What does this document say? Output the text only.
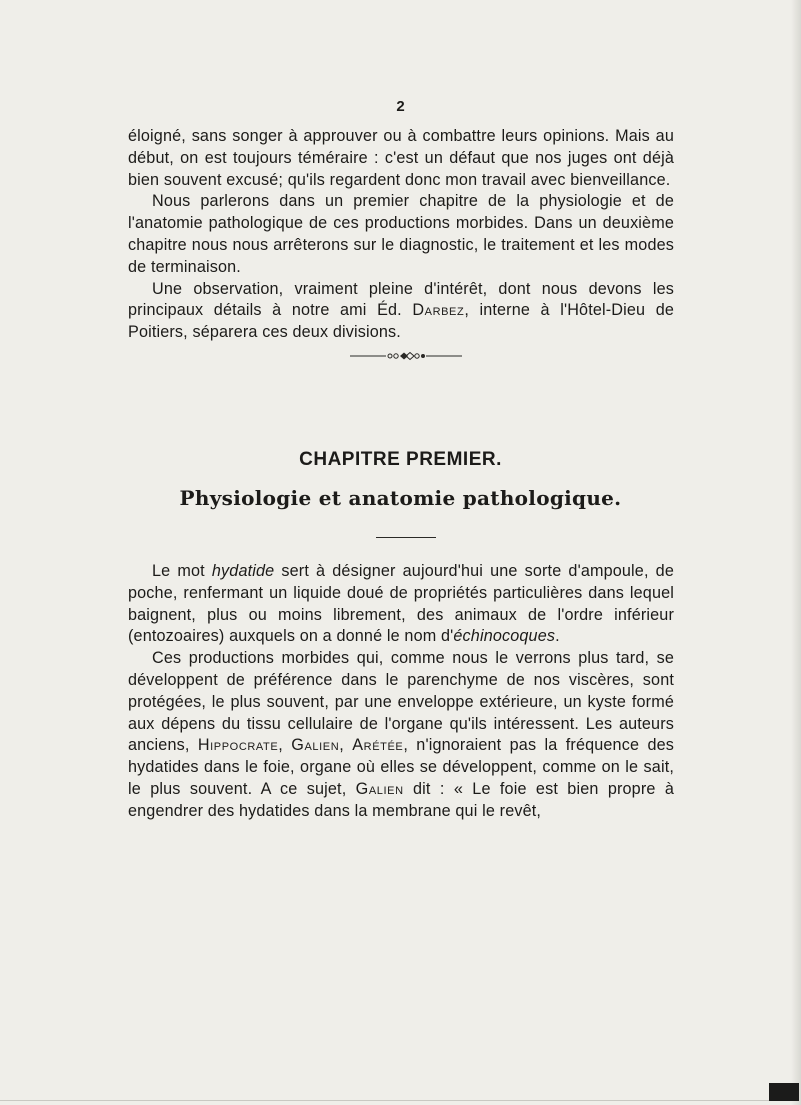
2

éloigné, sans songer à approuver ou à combattre leurs opinions. Mais au début, on est toujours téméraire : c'est un défaut que nos juges ont déjà bien souvent excusé; qu'ils regardent donc mon travail avec bienveillance.

Nous parlerons dans un premier chapitre de la physiologie et de l'anatomie pathologique de ces productions morbides. Dans un deuxième chapitre nous nous arrêterons sur le diagnostic, le traitement et les modes de terminaison.

Une observation, vraiment pleine d'intérêt, dont nous devons les principaux détails à notre ami Éd. Darbez, interne à l'Hôtel-Dieu de Poitiers, séparera ces deux divisions.

CHAPITRE PREMIER.
Physiologie et anatomie pathologique.

Le mot hydatide sert à désigner aujourd'hui une sorte d'ampoule, de poche, renfermant un liquide doué de propriétés particulières dans lequel baignent, plus ou moins librement, des animaux de l'ordre inférieur (entozoaires) auxquels on a donné le nom d'échinocoques.

Ces productions morbides qui, comme nous le verrons plus tard, se développent de préférence dans le parenchyme de nos viscères, sont protégées, le plus souvent, par une enveloppe extérieure, un kyste formé aux dépens du tissu cellulaire de l'organe qu'ils intéressent. Les auteurs anciens, Hippocrate, Galien, Arétée, n'ignoraient pas la fréquence des hydatides dans le foie, organe où elles se développent, comme on le sait, le plus souvent. A ce sujet, Galien dit : « Le foie est bien propre à engendrer des hydatides dans la membrane qui le revêt,
